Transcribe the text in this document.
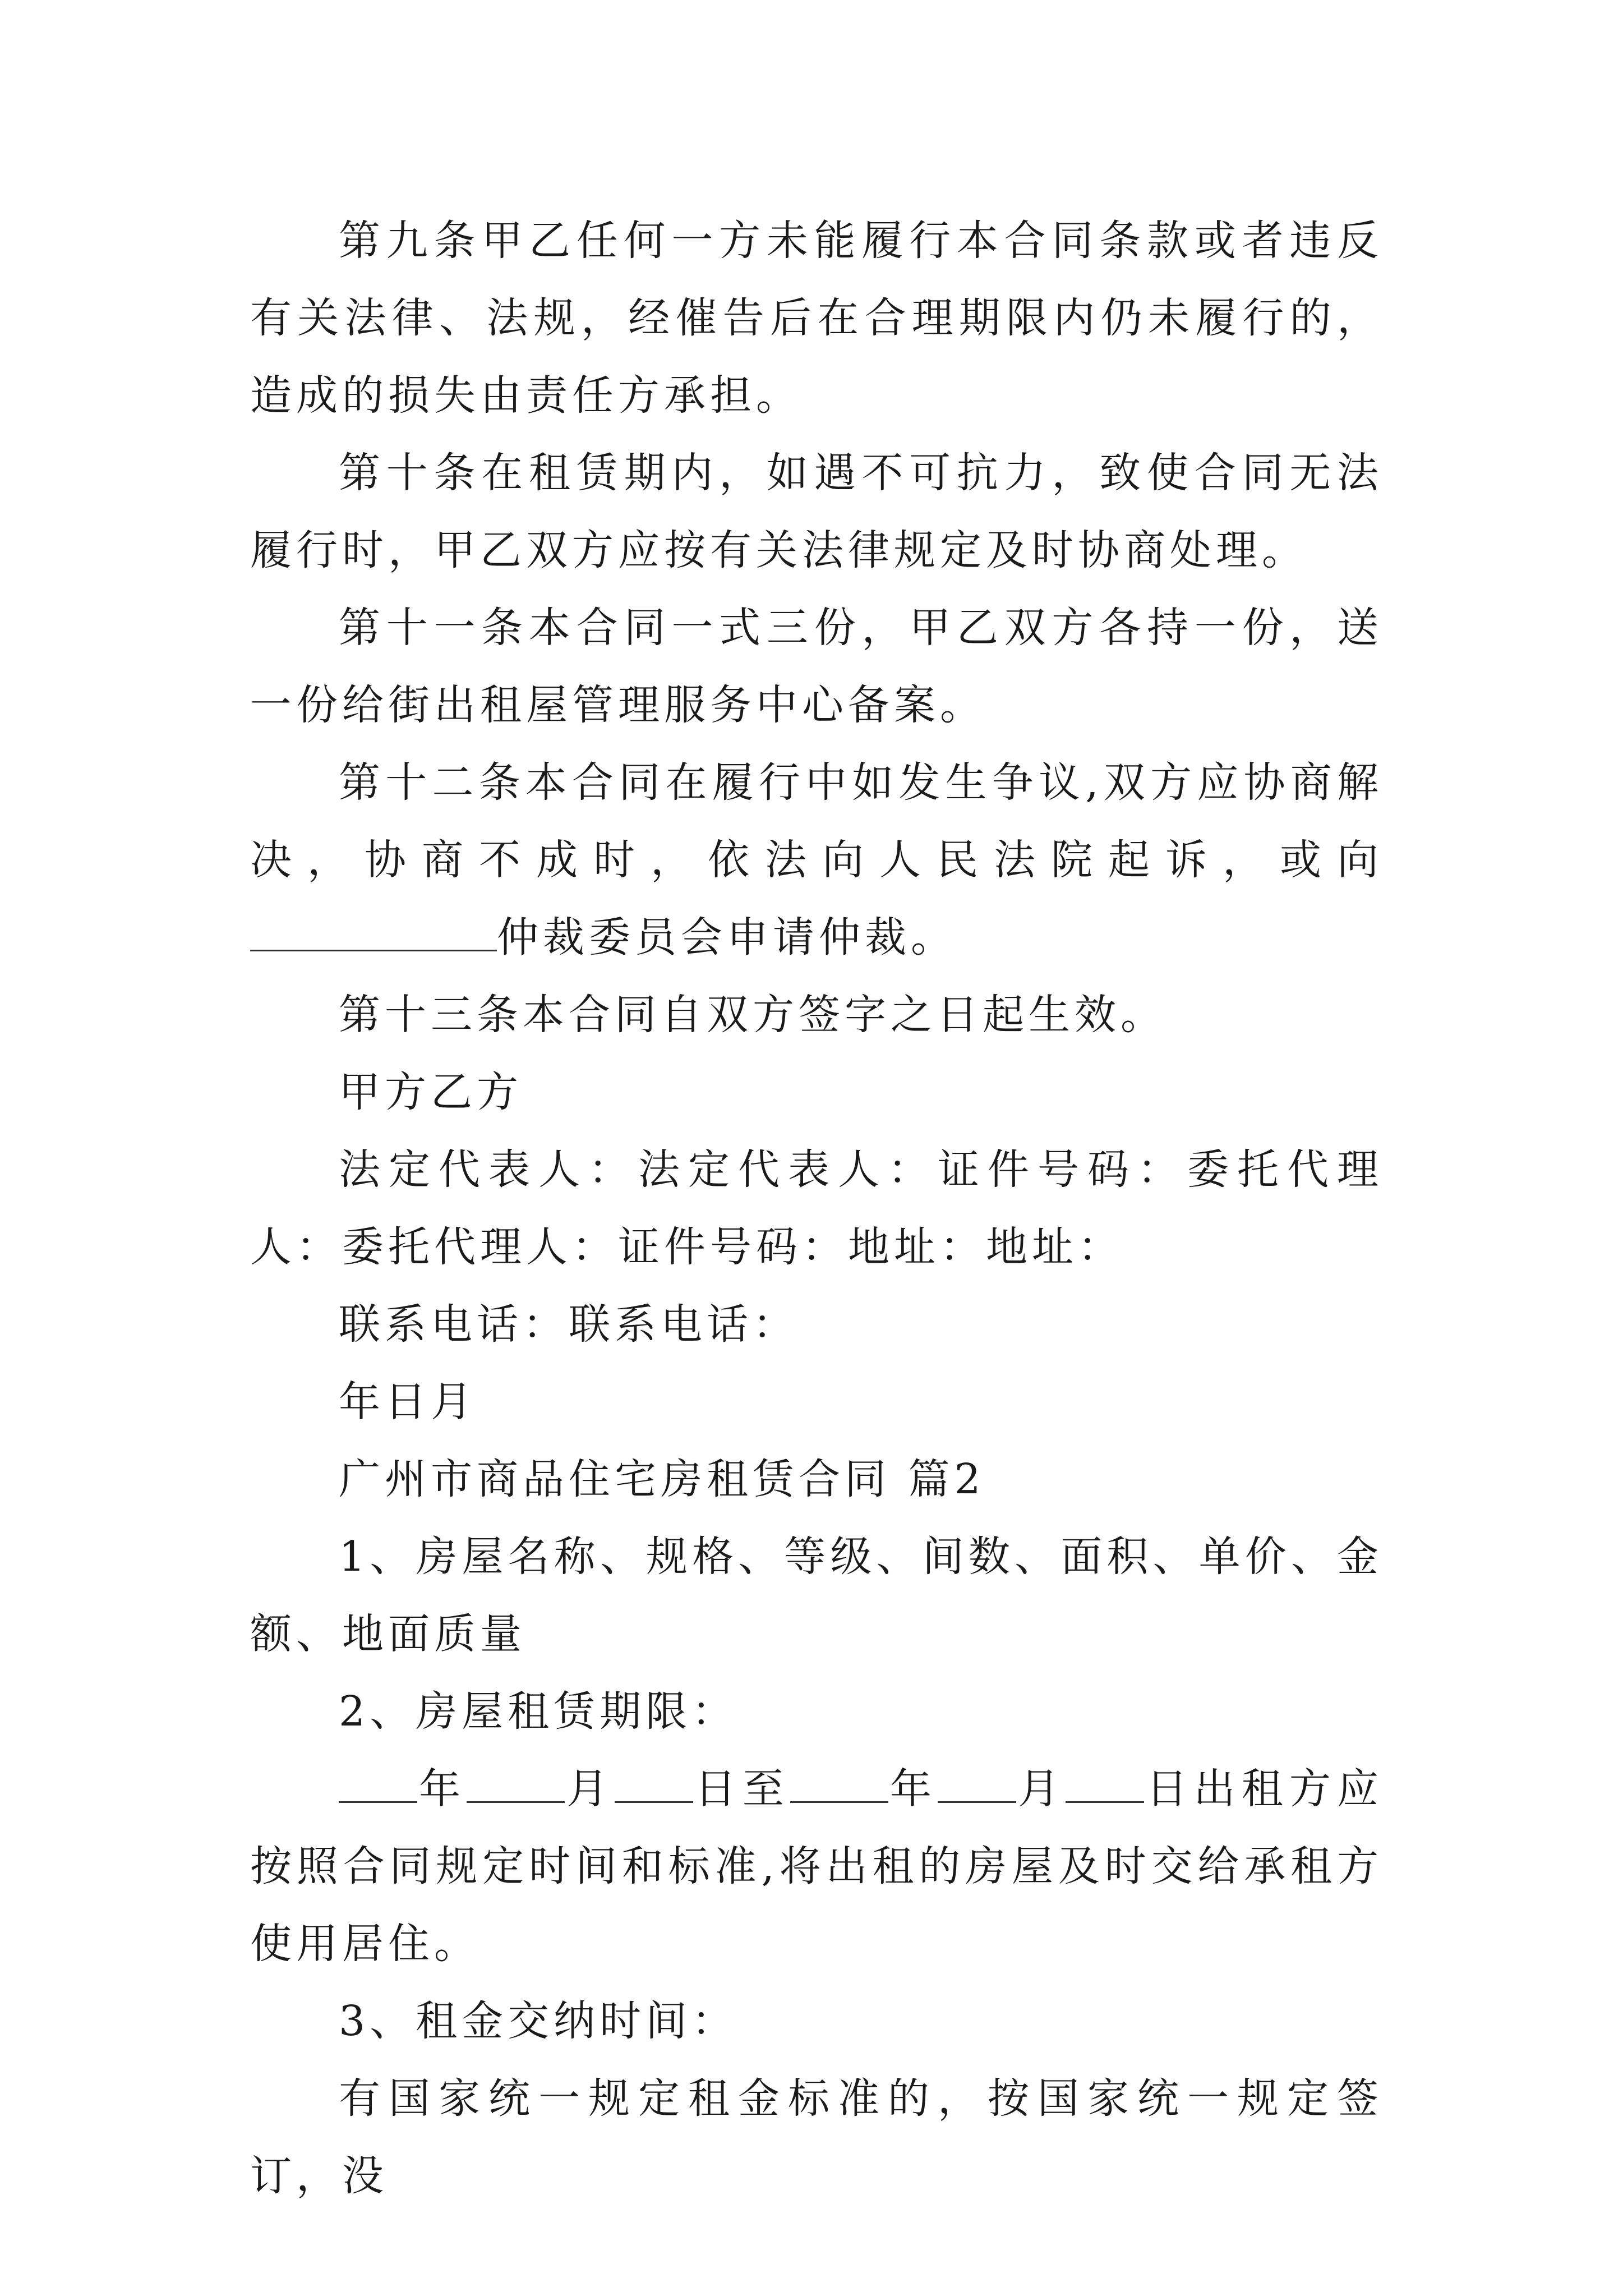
第九条甲乙任何一方未能履行本合同条款或者违反有关法律、法规，经催告后在合理期限内仍未履行的，造成的损失由责任方承担。

第十条在租赁期内，如遇不可抗力，致使合同无法履行时，甲乙双方应按有关法律规定及时协商处理。

第十一条本合同一式三份，甲乙双方各持一份，送一份给街出租屋管理服务中心备案。

第十二条本合同在履行中如发生争议,双方应协商解决，协商不成时，依法向人民法院起诉，或向仲裁委员会申请仲裁。

第十三条本合同自双方签字之日起生效。

甲方乙方

法定代表人：法定代表人：证件号码：委托代理人：委托代理人：证件号码：地址：地址：

联系电话：联系电话：

年日月

广州市商品住宅房租赁合同 篇2

1、房屋名称、规格、等级、间数、面积、单价、金额、地面质量

2、房屋租赁期限：

年 月 日至 年 月 日出租方应按照合同规定时间和标准,将出租的房屋及时交给承租方使用居住。

3、租金交纳时间：

有国家统一规定租金标准的，按国家统一规定签订，没
